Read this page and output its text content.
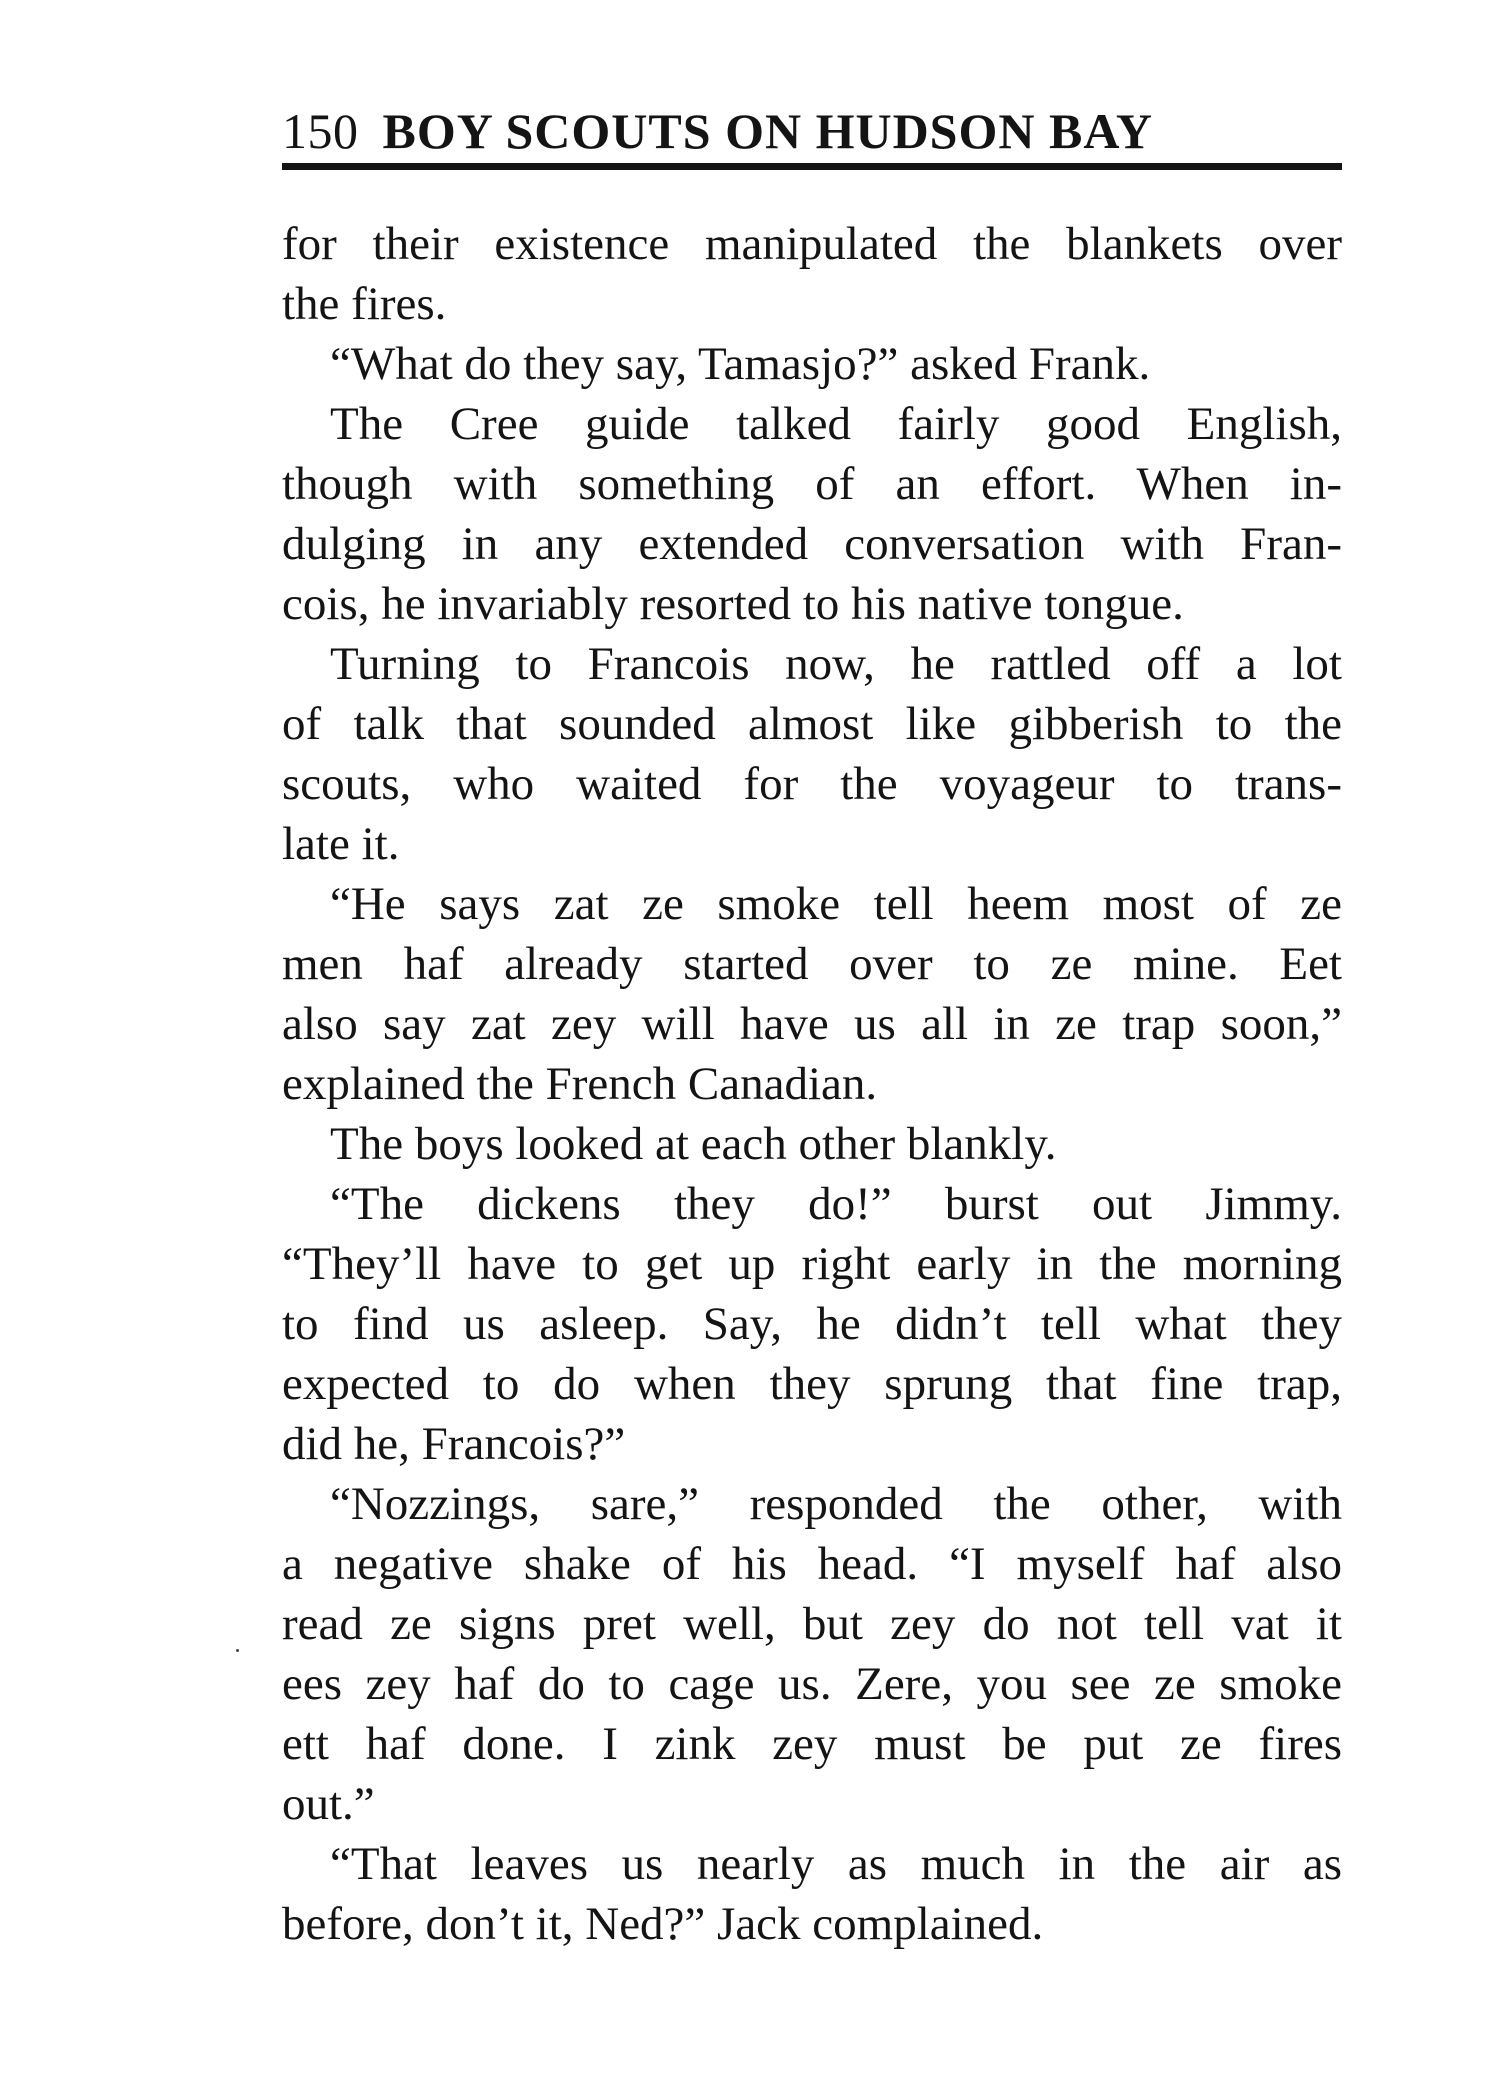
150 BOY SCOUTS ON HUDSON BAY
for their existence manipulated the blankets over
the fires.
“What do they say, Tamasjo?” asked Frank.
The Cree guide talked fairly good English,
though with something of an effort. When in-
dulging in any extended conversation with Fran-
cois, he invariably resorted to his native tongue.
Turning to Francois now, he rattled off a lot
of talk that sounded almost like gibberish to the
scouts, who waited for the voyageur to trans-
late it.
“He says zat ze smoke tell heem most of ze
men haf already started over to ze mine. Eet
also say zat zey will have us all in ze trap soon,”
explained the French Canadian.
The boys looked at each other blankly.
“The dickens they do!” burst out Jimmy.
“They’ll have to get up right early in the morning
to find us asleep. Say, he didn’t tell what they
expected to do when they sprung that fine trap,
did he, Francois?”
“Nozzings, sare,” responded the other, with
a negative shake of his head. “I myself haf also
read ze signs pret well, but zey do not tell vat it
ees zey haf do to cage us. Zere, you see ze smoke
ett haf done. I zink zey must be put ze fires
out.”
“That leaves us nearly as much in the air as
before, don’t it, Ned?” Jack complained.
